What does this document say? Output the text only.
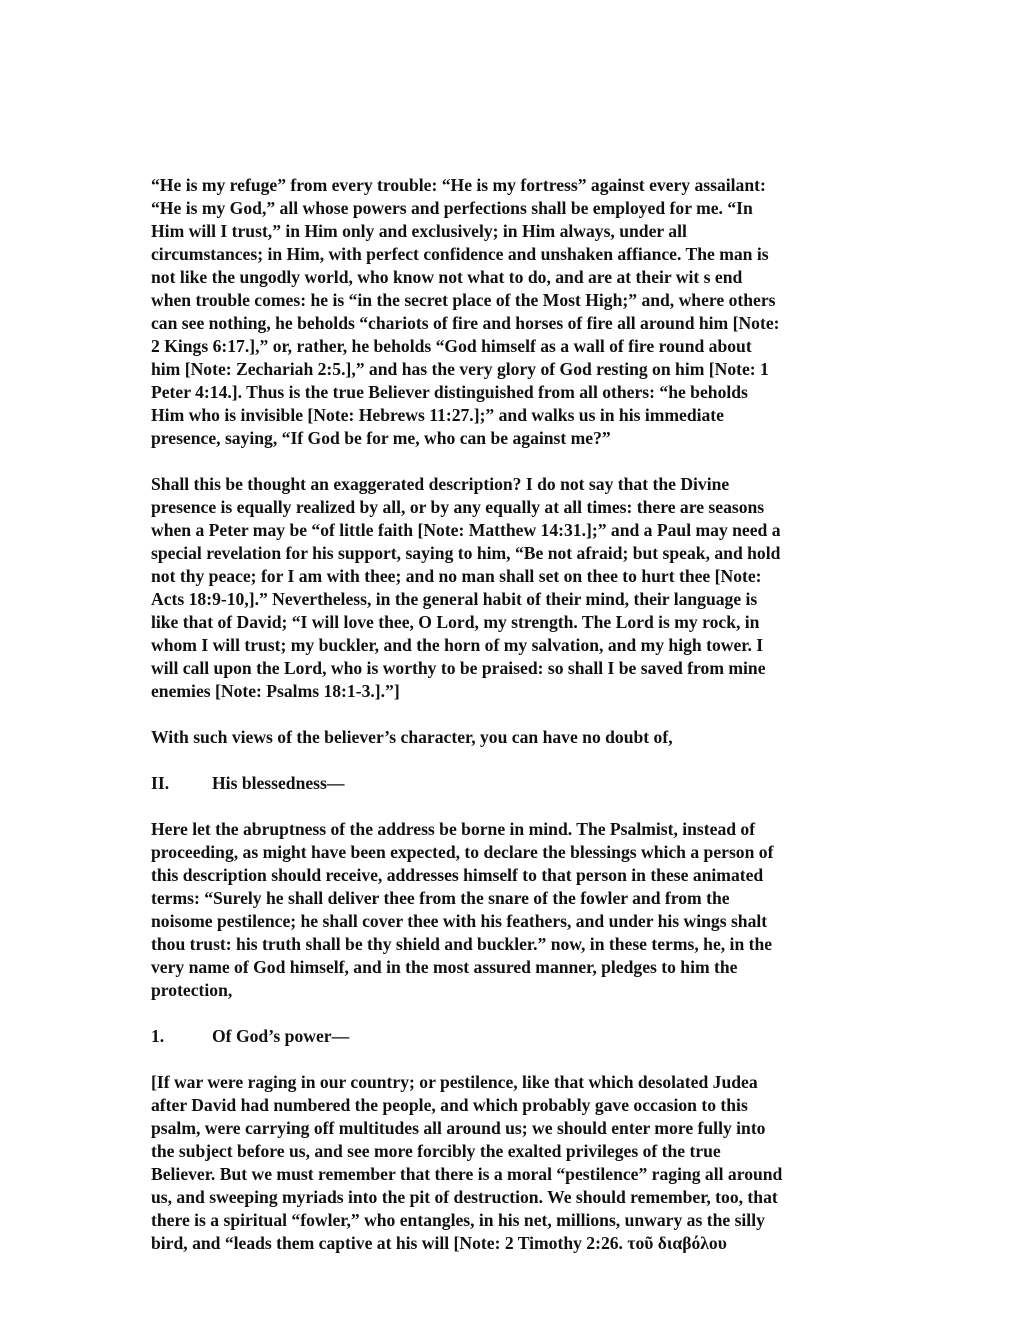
“He is my refuge” from every trouble: “He is my fortress” against every assailant:
“He is my God,” all whose powers and perfections shall be employed for me. “In
Him will I trust,” in Him only and exclusively; in Him always, under all
circumstances; in Him, with perfect confidence and unshaken affiance. The man is
not like the ungodly world, who know not what to do, and are at their wit s end
when trouble comes: he is “in the secret place of the Most High;” and, where others
can see nothing, he beholds “chariots of fire and horses of fire all around him [Note:
2 Kings 6:17.],” or, rather, he beholds “God himself as a wall of fire round about
him [Note: Zechariah 2:5.],” and has the very glory of God resting on him [Note: 1
Peter 4:14.]. Thus is the true Believer distinguished from all others: “he beholds
Him who is invisible [Note: Hebrews 11:27.];” and walks us in his immediate
presence, saying, “If God be for me, who can be against me?”

Shall this be thought an exaggerated description? I do not say that the Divine
presence is equally realized by all, or by any equally at all times: there are seasons
when a Peter may be “of little faith [Note: Matthew 14:31.];” and a Paul may need a
special revelation for his support, saying to him, “Be not afraid; but speak, and hold
not thy peace; for I am with thee; and no man shall set on thee to hurt thee [Note:
Acts 18:9-10,].” Nevertheless, in the general habit of their mind, their language is
like that of David; “I will love thee, O Lord, my strength. The Lord is my rock, in
whom I will trust; my buckler, and the horn of my salvation, and my high tower. I
will call upon the Lord, who is worthy to be praised: so shall I be saved from mine
enemies [Note: Psalms 18:1-3.].”]

With such views of the believer’s character, you can have no doubt of,

II. His blessedness—

Here let the abruptness of the address be borne in mind. The Psalmist, instead of
proceeding, as might have been expected, to declare the blessings which a person of
this description should receive, addresses himself to that person in these animated
terms: “Surely he shall deliver thee from the snare of the fowler and from the
noisome pestilence; he shall cover thee with his feathers, and under his wings shalt
thou trust: his truth shall be thy shield and buckler.” now, in these terms, he, in the
very name of God himself, and in the most assured manner, pledges to him the
protection,

1.	Of God’s power—

[If war were raging in our country; or pestilence, like that which desolated Judea
after David had numbered the people, and which probably gave occasion to this
psalm, were carrying off multitudes all around us; we should enter more fully into
the subject before us, and see more forcibly the exalted privileges of the true
Believer. But we must remember that there is a moral “pestilence” raging all around
us, and sweeping myriads into the pit of destruction. We should remember, too, that
there is a spiritual “fowler,” who entangles, in his net, millions, unwary as the silly
bird, and “leads them captive at his will [Note: 2 Timothy 2:26. τοῦ διαβόλου
